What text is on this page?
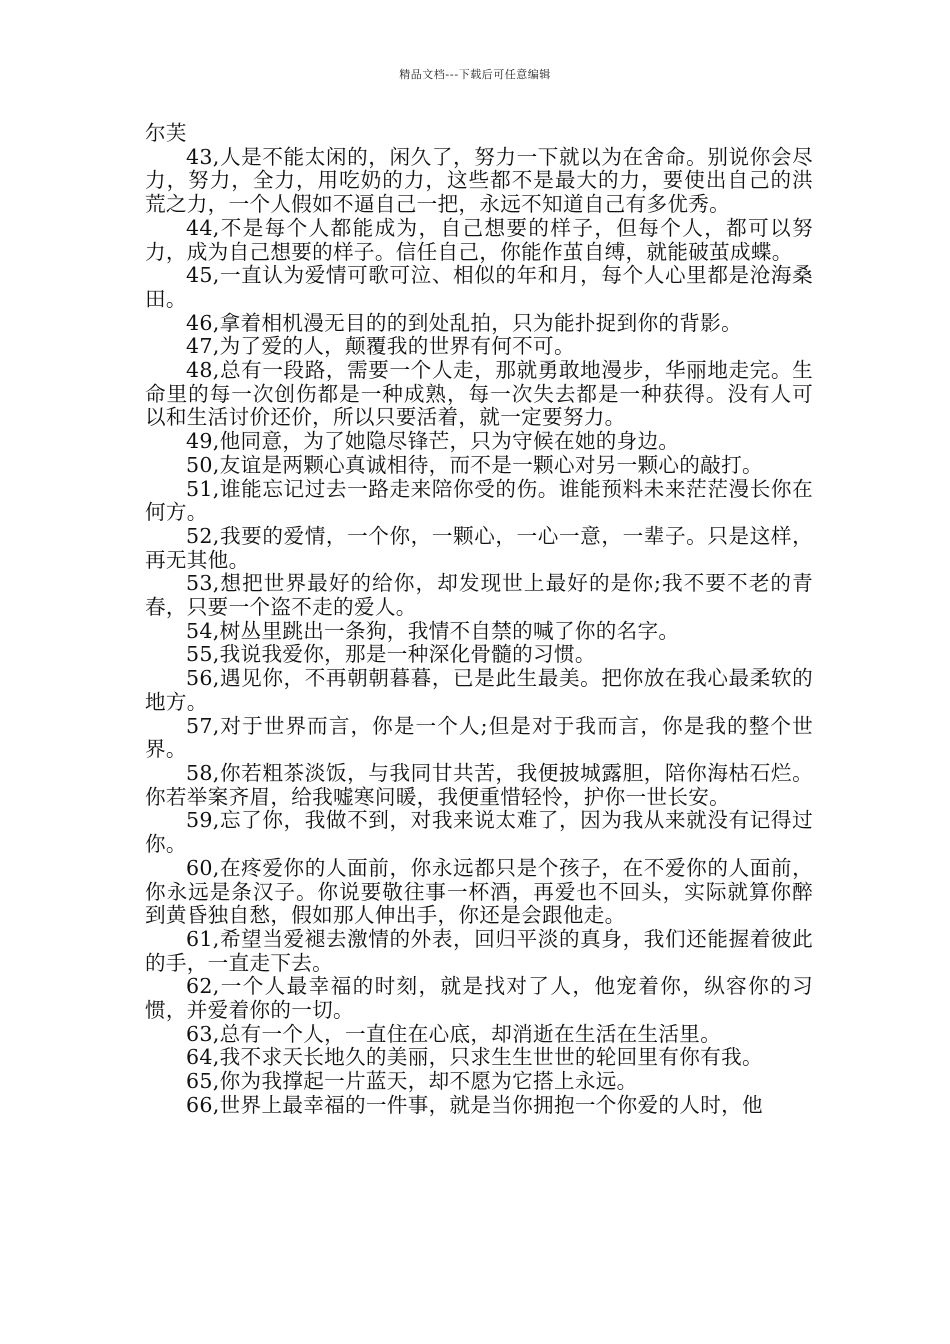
精品文档---下载后可任意编辑

尔芙

43,人是不能太闲的，闲久了，努力一下就以为在舍命。别说你会尽力，努力，全力，用吃奶的力，这些都不是最大的力，要使出自己的洪荒之力，一个人假如不逼自己一把，永远不知道自己有多优秀。

44,不是每个人都能成为，自己想要的样子，但每个人，都可以努力，成为自己想要的样子。信任自己，你能作茧自缚，就能破茧成蝶。

45,一直认为爱情可歌可泣、相似的年和月，每个人心里都是沧海桑田。

46,拿着相机漫无目的的到处乱拍，只为能扑捉到你的背影。

47,为了爱的人，颠覆我的世界有何不可。

48,总有一段路，需要一个人走，那就勇敢地漫步，华丽地走完。生命里的每一次创伤都是一种成熟，每一次失去都是一种获得。没有人可以和生活讨价还价，所以只要活着，就一定要努力。

49,他同意，为了她隐尽锋芒，只为守候在她的身边。

50,友谊是两颗心真诚相待，而不是一颗心对另一颗心的敲打。

51,谁能忘记过去一路走来陪你受的伤。谁能预料未来茫茫漫长你在何方。

52,我要的爱情，一个你，一颗心，一心一意，一辈子。只是这样，再无其他。

53,想把世界最好的给你，却发现世上最好的是你;我不要不老的青春，只要一个盗不走的爱人。

54,树丛里跳出一条狗，我情不自禁的喊了你的名字。

55,我说我爱你，那是一种深化骨髓的习惯。

56,遇见你，不再朝朝暮暮，已是此生最美。把你放在我心最柔软的地方。

57,对于世界而言，你是一个人;但是对于我而言，你是我的整个世界。

58,你若粗茶淡饭，与我同甘共苦，我便披城露胆，陪你海枯石烂。你若举案齐眉，给我嘘寒问暖，我便重惜轻怜，护你一世长安。

59,忘了你，我做不到，对我来说太难了，因为我从来就没有记得过你。

60,在疼爱你的人面前，你永远都只是个孩子，在不爱你的人面前，你永远是条汉子。你说要敬往事一杯酒，再爱也不回头，实际就算你醉到黄昏独自愁，假如那人伸出手，你还是会跟他走。

61,希望当爱褪去激情的外表，回归平淡的真身，我们还能握着彼此的手，一直走下去。

62,一个人最幸福的时刻，就是找对了人，他宠着你，纵容你的习惯，并爱着你的一切。

63,总有一个人，一直住在心底，却消逝在生活在生活里。

64,我不求天长地久的美丽，只求生生世世的轮回里有你有我。

65,你为我撑起一片蓝天，却不愿为它搭上永远。

66,世界上最幸福的一件事，就是当你拥抱一个你爱的人时，他
